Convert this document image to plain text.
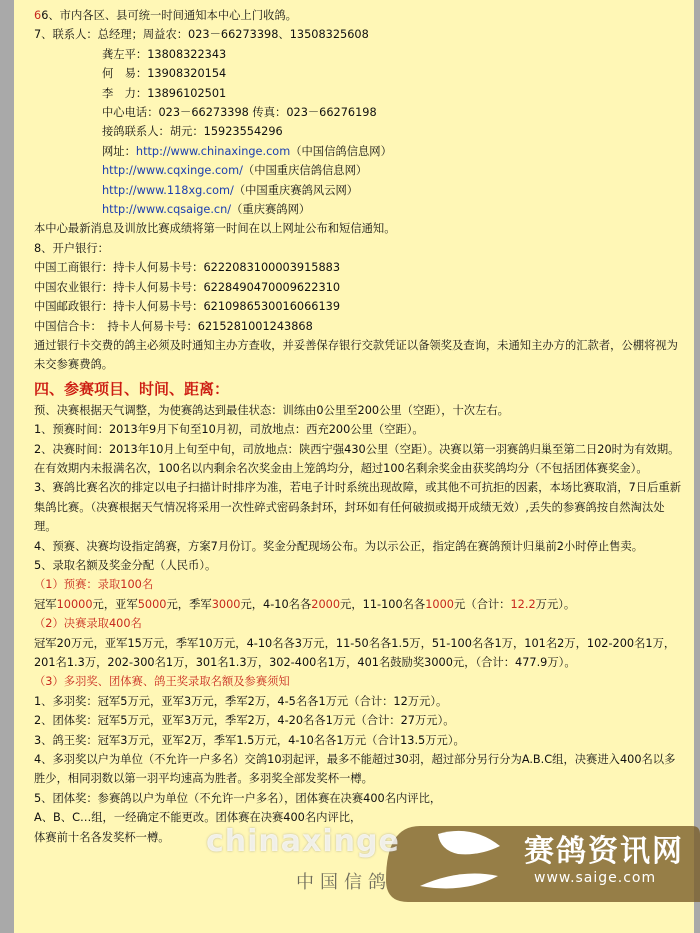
66、市内各区、县可统一时间通知本中心上门收鸽。
7、联系人：总经理；周益农：023－66273398、13508325608
龚左平：13808322343
何　易：13908320154
李　力：13896102501
中心电话：023－66273398 传真：023－66276198
接鸽联系人：胡元：15923554296
网址：http://www.chinaxinge.com（中国信鸽信息网）
http://www.cqxinge.com/（中国重庆信鸽信息网）
http://www.118xg.com/（中国重庆赛鸽风云网）
http://www.cqsaige.cn/（重庆赛鸽网）
本中心最新消息及训放比赛成绩将第一时间在以上网址公布和短信通知。
8、开户银行：
中国工商银行：持卡人何易卡号：6222083100003915883
中国农业银行：持卡人何易卡号：6228490470009622310
中国邮政银行：持卡人何易卡号：6210986530016066139
中国信合卡：　持卡人何易卡号：6215281001243868
通过银行卡交费的鸽主必须及时通知主办方查收，并妥善保存银行交款凭证以备领奖及查询，未通知主办方的汇款者，公棚将视为未交参赛费鸽。
四、参赛项目、时间、距离：
预、决赛根据天气调整，为使赛鸽达到最佳状态：训练由0公里至200公里（空距），十次左右。
1、预赛时间：2013年9月下旬至10月初，司放地点：西充200公里（空距）。
2、决赛时间：2013年10月上旬至中旬，司放地点：陕西宁强430公里（空距）。决赛以第一羽赛鸽归巢至第二日20时为有效期。在有效期内未报满名次，100名以内剩余名次奖金由上笼鸽均分，超过100名剩余奖金由获奖鸽均分（不包括团体赛奖金）。
3、赛鸽比赛名次的排定以电子扫描计时排序为准，若电子计时系统出现故障，或其他不可抗拒的因素，本场比赛取消，7日后重新集鸽比赛。（决赛根据天气情况将采用一次性碎式密码条封环，封环如有任何破损或揭开成绩无效）,丢失的参赛鸽按自然淘汰处理。
4、预赛、决赛均设指定鸽赛，方案7月份订。奖金分配现场公布。为以示公正，指定鸽在赛鸽预计归巢前2小时停止售卖。
5、录取名额及奖金分配（人民币）。
（1）预赛：录取100名
冠军10000元，亚军5000元，季军3000元，4-10名各2000元，11-100名各1000元（合计：12.2万元）。
（2）决赛录取400名
冠军20万元，亚军15万元，季军10万元，4-10名各3万元，11-50名各1.5万，51-100名各1万，101名2万，102-200名1万，201名1.3万，202-300名1万，301名1.3万，302-400名1万，401名鼓励奖3000元，（合计：477.9万）。
（3）多羽奖、团体赛、鸽王奖录取名额及参赛须知
1、多羽奖：冠军5万元，亚军3万元，季军2万，4-5名各1万元（合计：12万元）。
2、团体奖：冠军5万元，亚军3万元，季军2万，4-20名各1万元（合计：27万元）。
3、鸽王奖：冠军3万元，亚军2万，季军1.5万元，4-10名各1万元（合计13.5万元）。
4、多羽奖以户为单位（不允许一户多名）交鸽10羽起评，最多不能超过30羽，超过部分另行分为A.B.C组，决赛进入400名以多胜少，相同羽数以第一羽平均速高为胜者。多羽奖全部发奖杯一樽。
5、团体奖：参赛鸽以户为单位（不允许一户多名），团体赛在决赛400名内评比，
A、B、C…组，一经确定不能更改。团体赛在决赛400名内评比，
体赛前十名各发奖杯一樽。	chinaxinge
中国信鸽
赛鸽资讯网
www.saige.com
